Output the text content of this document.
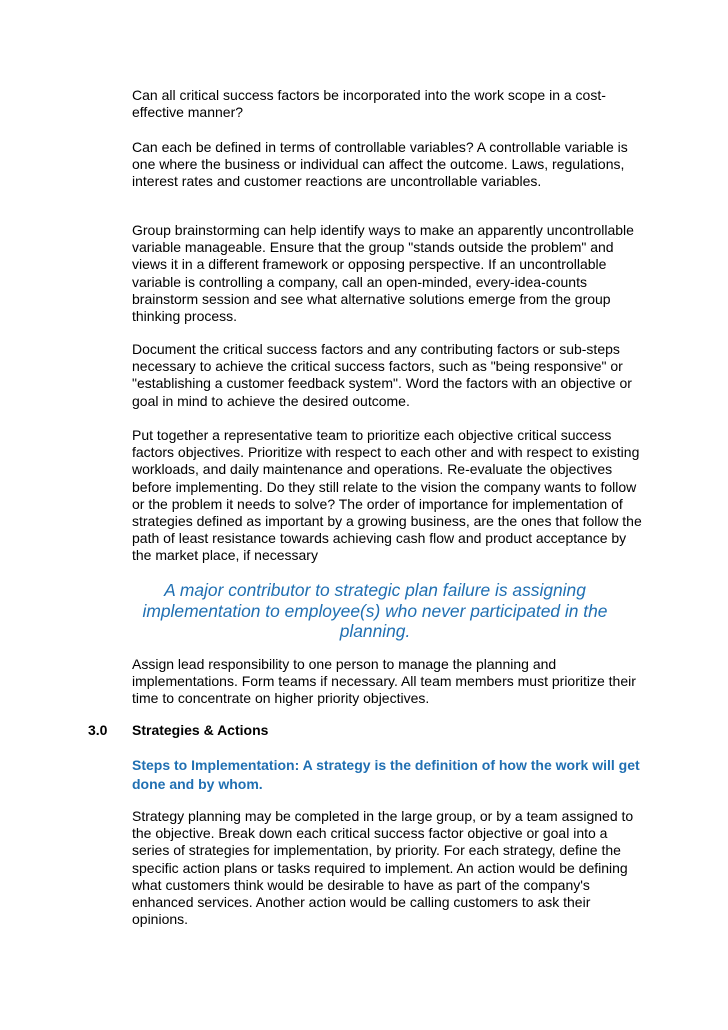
Can all critical success factors be incorporated into the work scope in a cost-effective manner?

Can each be defined in terms of controllable variables? A controllable variable is one where the business or individual can affect the outcome. Laws, regulations, interest rates and customer reactions are uncontrollable variables.

Group brainstorming can help identify ways to make an apparently uncontrollable variable manageable. Ensure that the group "stands outside the problem" and views it in a different framework or opposing perspective. If an uncontrollable variable is controlling a company, call an open-minded, every-idea-counts brainstorm session and see what alternative solutions emerge from the group thinking process.

Document the critical success factors and any contributing factors or sub-steps necessary to achieve the critical success factors, such as "being responsive" or "establishing a customer feedback system". Word the factors with an objective or goal in mind to achieve the desired outcome.

Put together a representative team to prioritize each objective critical success factors objectives. Prioritize with respect to each other and with respect to existing workloads, and daily maintenance and operations. Re-evaluate the objectives before implementing. Do they still relate to the vision the company wants to follow or the problem it needs to solve? The order of importance for implementation of strategies defined as important by a growing business, are the ones that follow the path of least resistance towards achieving cash flow and product acceptance by the market place, if necessary

A major contributor to strategic plan failure is assigning implementation to employee(s) who never participated in the planning.

Assign lead responsibility to one person to manage the planning and implementations. Form teams if necessary. All team members must prioritize their time to concentrate on higher priority objectives.

3.0 Strategies & Actions

Steps to Implementation: A strategy is the definition of how the work will get done and by whom.

Strategy planning may be completed in the large group, or by a team assigned to the objective. Break down each critical success factor objective or goal into a series of strategies for implementation, by priority. For each strategy, define the specific action plans or tasks required to implement. An action would be defining what customers think would be desirable to have as part of the company's enhanced services. Another action would be calling customers to ask their opinions.
